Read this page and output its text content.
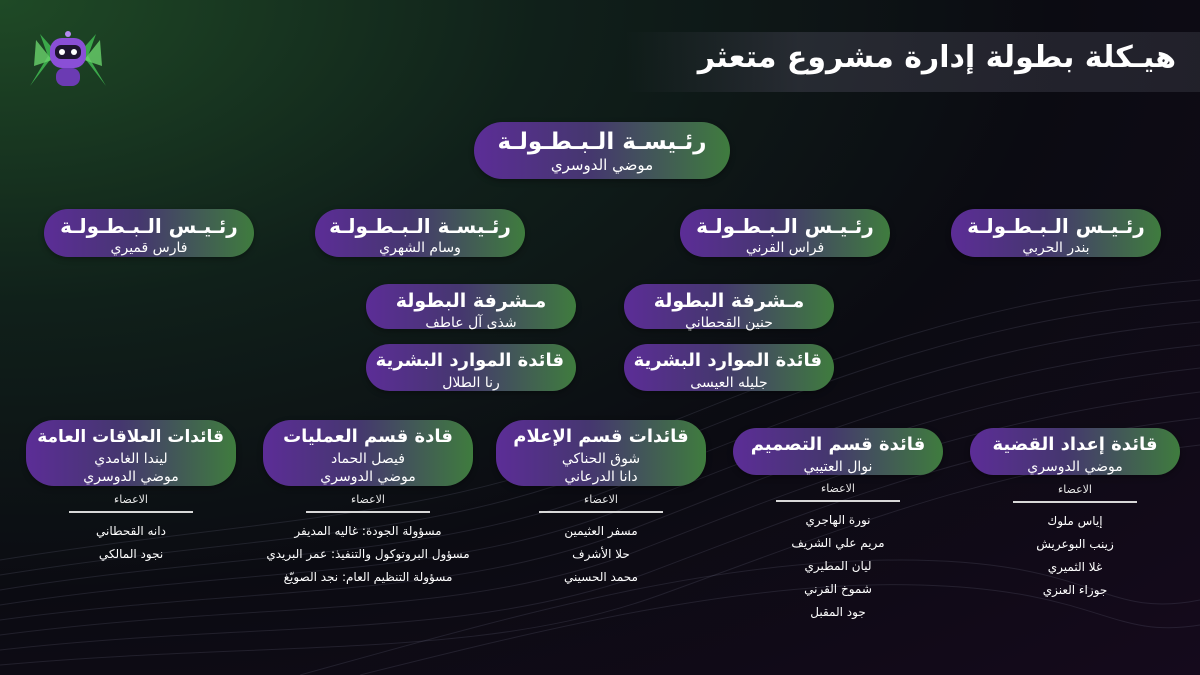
هيـكلة بطولة إدارة مشروع متعثر
رئـيسـة الـبـطـولـة
موضي الدوسري
رئـيـس الـبـطـولـة
بندر الحربي
رئـيـس الـبـطـولـة
فراس القرني
رئـيسـة الـبـطـولـة
وسام الشهري
رئـيـس الـبـطـولـة
فارس قميري
مـشرفة البطولة
حنين القحطاني
مـشرفة البطولة
شذى آل عاطف
قائدة الموارد البشرية
جليله العيسى
قائدة الموارد البشرية
رنا الطلال
قائدة إعداد القضية
موضي الدوسري
قائدة قسم التصميم
نوال العتيبي
قائدات قسم الإعلام
شوق الحناكي
دانا الدرعاني
قادة قسم العمليات
فيصل الحماد
موضي الدوسري
قائدات العلاقات العامة
ليندا الغامدي
موضي الدوسري
الاعضاء
إياس ملوك
زينب البوعريش
غلا الثميري
جوزاء العنزي
الاعضاء
نورة الهاجري
مريم علي الشريف
ليان المطيري
شموخ القرني
جود المقبل
الاعضاء
مسفر العثيمين
حلا الأشرف
محمد الحسيني
الاعضاء
مسؤولة الجودة: غاليه المديفر
مسؤول البروتوكول والتنفيذ: عمر البريدي
مسؤولة التنظيم العام: نجد الصويّغ
الاعضاء
دانه القحطاني
نجود المالكي
